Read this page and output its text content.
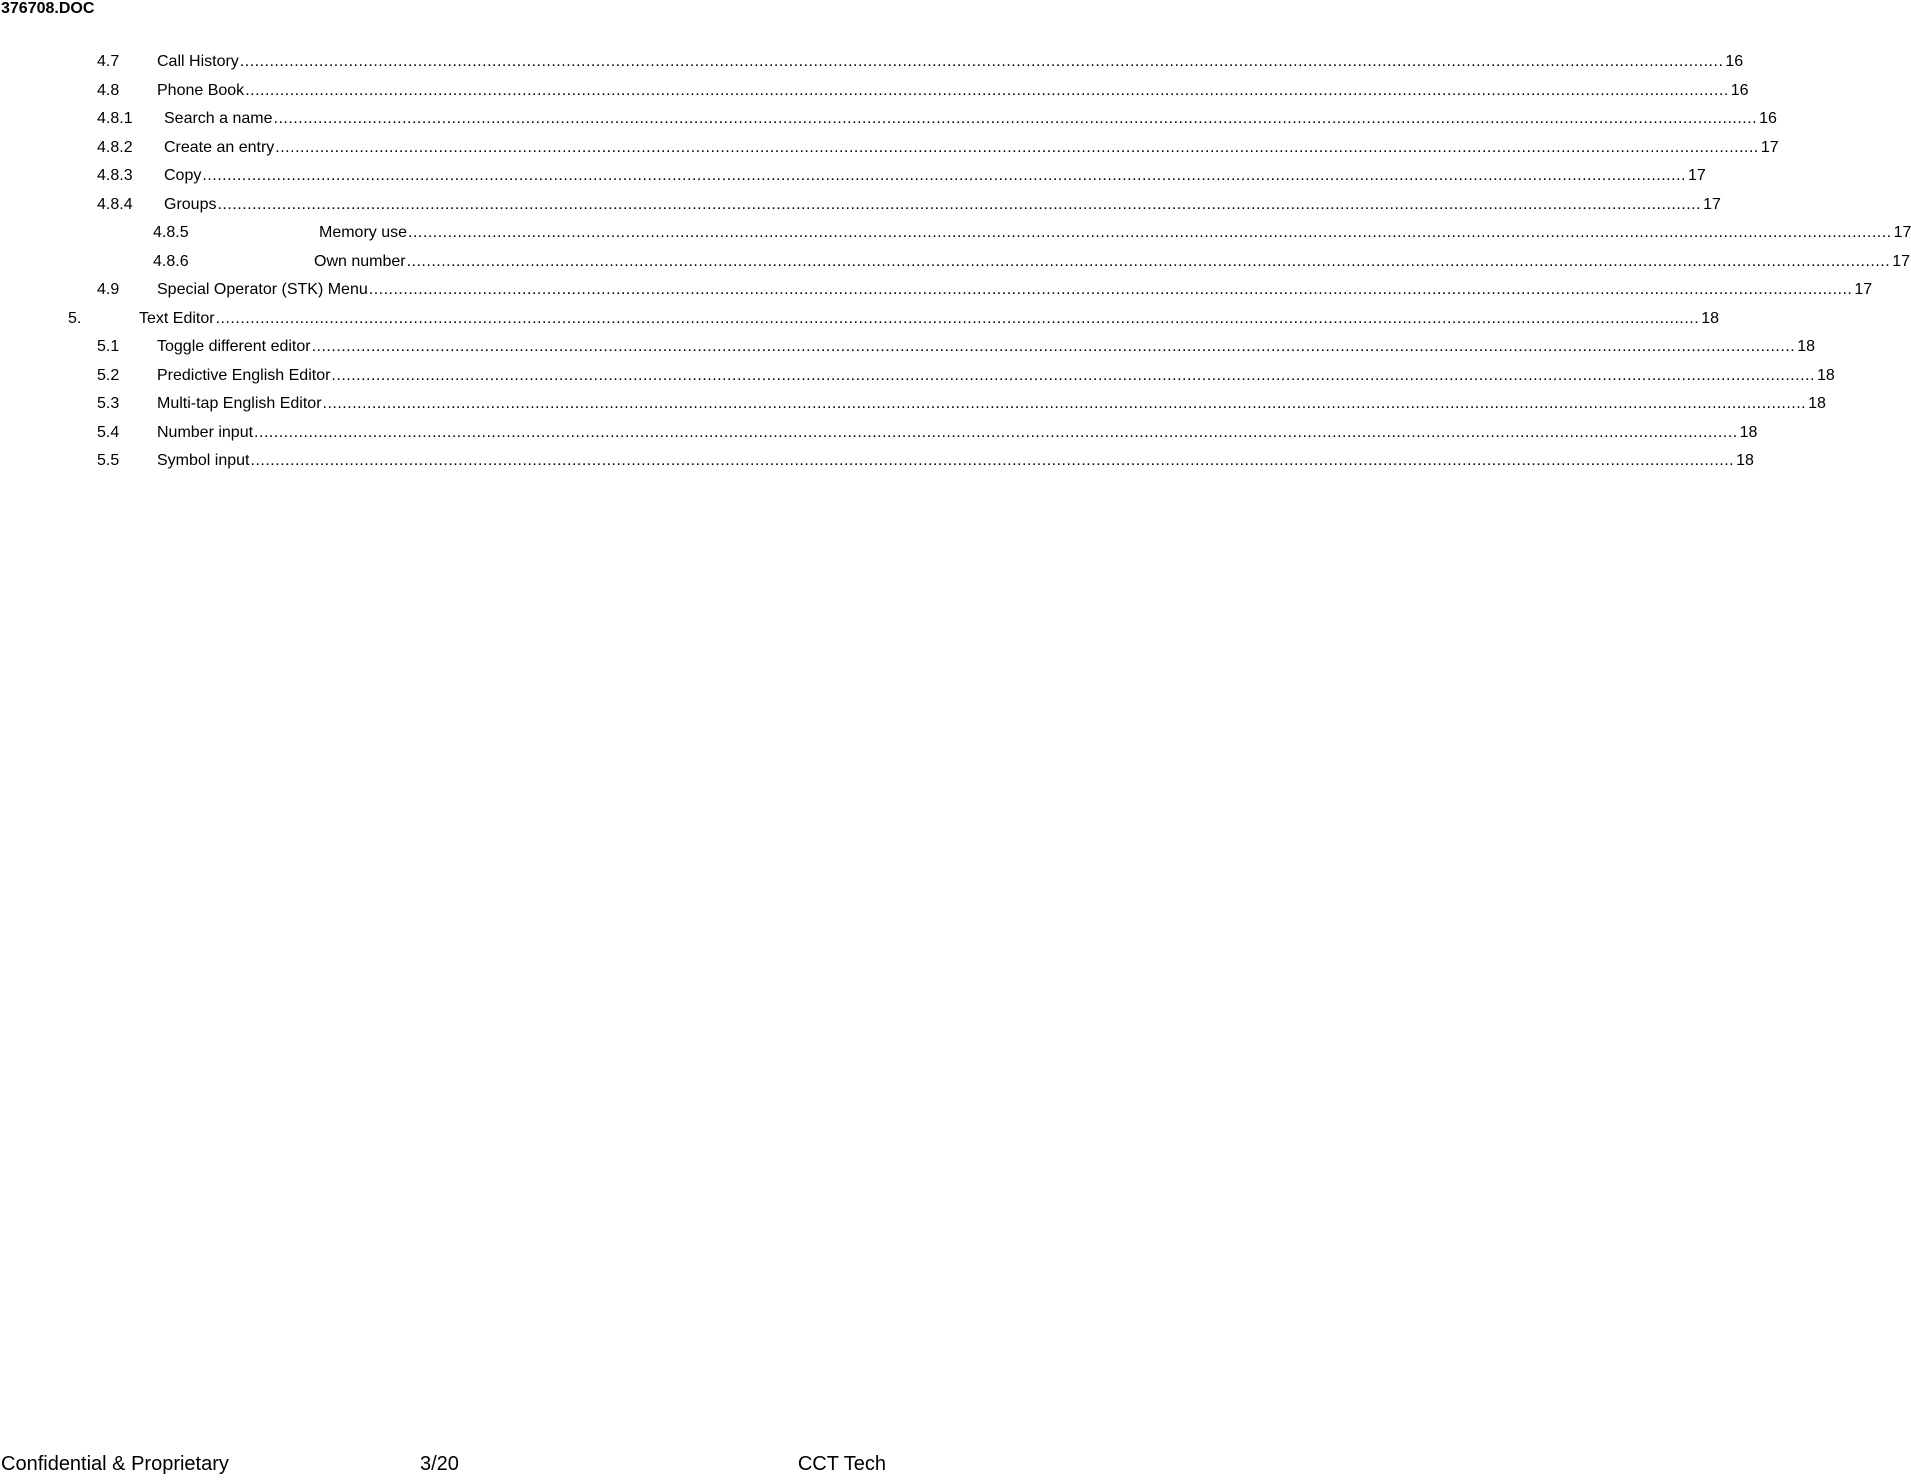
376708.DOC
4.7 Call History ............................................................................................................................................................................................................................................................................................................ 16
4.8 Phone Book ............................................................................................................................................................................................................................................................................................................ 16
4.8.1 Search a name ............................................................................................................................................................................................................................................................................................................ 16
4.8.2 Create an entry ............................................................................................................................................................................................................................................................................................................ 17
4.8.3 Copy ............................................................................................................................................................................................................................................................................................................ 17
4.8.4 Groups ............................................................................................................................................................................................................................................................................................................ 17
4.8.5	Memory use ............................................................................................................................................................................................................................................................................................................ 17
4.8.6	Own number ............................................................................................................................................................................................................................................................................................................ 17
4.9 Special Operator (STK) Menu ............................................................................................................................................................................................................................................................................................................ 17
5.	Text Editor ............................................................................................................................................................................................................................................................................................................ 18
5.1 Toggle different editor ............................................................................................................................................................................................................................................................................................................ 18
5.2 Predictive English Editor ............................................................................................................................................................................................................................................................................................................ 18
5.3 Multi-tap English Editor ............................................................................................................................................................................................................................................................................................................ 18
5.4 Number input ............................................................................................................................................................................................................................................................................................................ 18
5.5 Symbol input ............................................................................................................................................................................................................................................................................................................ 18
Confidential & Proprietary	3/20	CCT Tech
